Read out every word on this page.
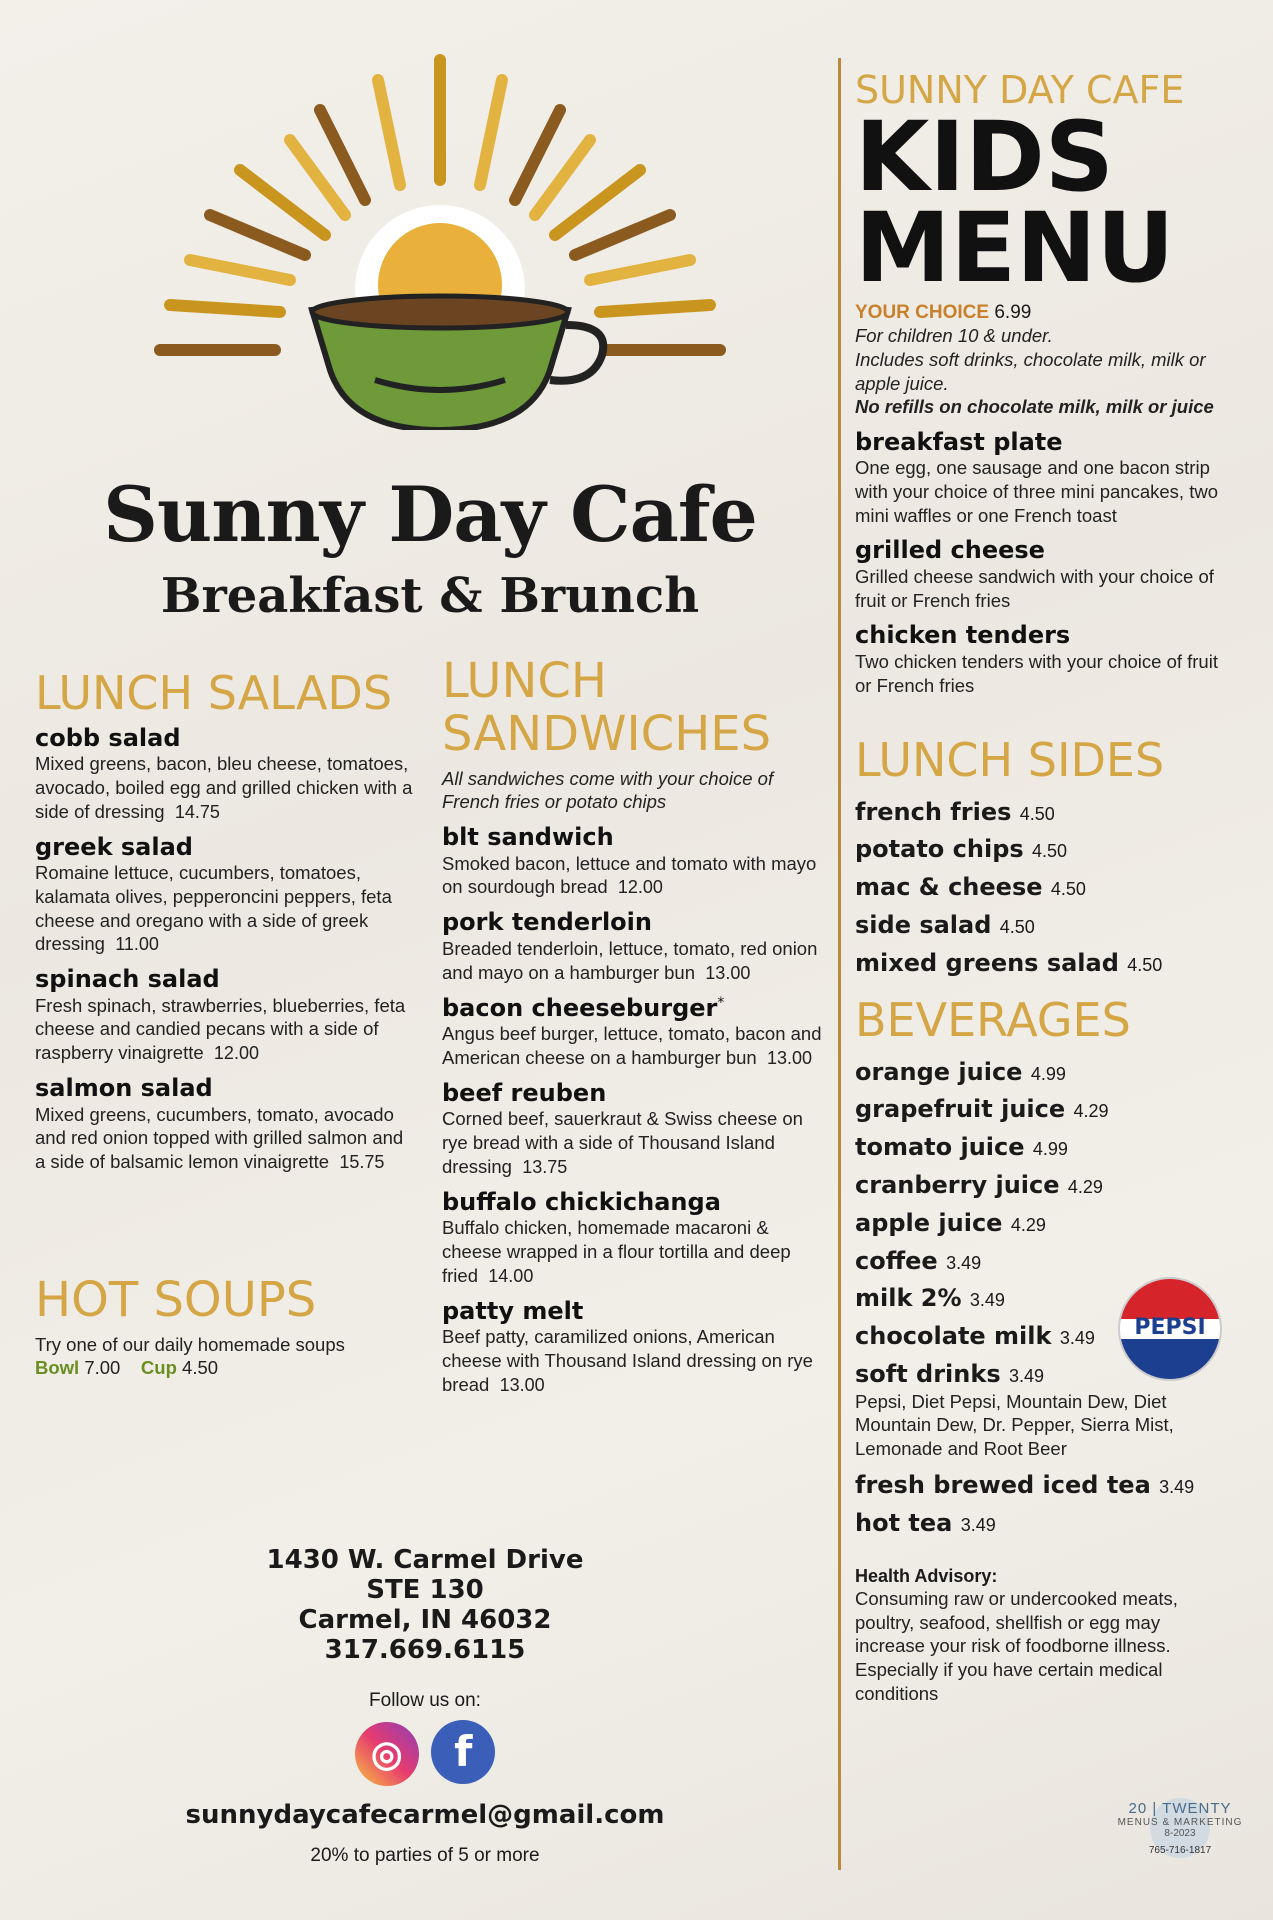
Sunny Day Cafe
Breakfast & Brunch
LUNCH SALADS
cobb salad
Mixed greens, bacon, bleu cheese, tomatoes, avocado, boiled egg and grilled chicken with a side of dressing 14.75
greek salad
Romaine lettuce, cucumbers, tomatoes, kalamata olives, pepperoncini peppers, feta cheese and oregano with a side of greek dressing 11.00
spinach salad
Fresh spinach, strawberries, blueberries, feta cheese and candied pecans with a side of raspberry vinaigrette 12.00
salmon salad
Mixed greens, cucumbers, tomato, avocado and red onion topped with grilled salmon and a side of balsamic lemon vinaigrette 15.75
HOT SOUPS
Try one of our daily homemade soups
Bowl 7.00 Cup 4.50
LUNCH
SANDWICHES
All sandwiches come with your choice of French fries or potato chips
blt sandwich
Smoked bacon, lettuce and tomato with mayo on sourdough bread 12.00
pork tenderloin
Breaded tenderloin, lettuce, tomato, red onion and mayo on a hamburger bun 13.00
bacon cheeseburger*
Angus beef burger, lettuce, tomato, bacon and American cheese on a hamburger bun 13.00
beef reuben
Corned beef, sauerkraut & Swiss cheese on rye bread with a side of Thousand Island dressing 13.75
buffalo chickichanga
Buffalo chicken, homemade macaroni & cheese wrapped in a flour tortilla and deep fried 14.00
patty melt
Beef patty, caramilized onions, American cheese with Thousand Island dressing on rye bread 13.00
1430 W. Carmel Drive
STE 130
Carmel, IN 46032
317.669.6115
Follow us on:
◎ f
sunnydaycafecarmel@gmail.com
20% to parties of 5 or more
SUNNY DAY CAFE
KIDS
MENU
YOUR CHOICE 6.99
For children 10 & under.
Includes soft drinks, chocolate milk, milk or apple juice.
No refills on chocolate milk, milk or juice
breakfast plate
One egg, one sausage and one bacon strip with your choice of three mini pancakes, two mini waffles or one French toast
grilled cheese
Grilled cheese sandwich with your choice of fruit or French fries
chicken tenders
Two chicken tenders with your choice of fruit or French fries
LUNCH SIDES
french fries 4.50
potato chips 4.50
mac & cheese 4.50
side salad 4.50
mixed greens salad 4.50
BEVERAGES
orange juice 4.99
grapefruit juice 4.29
tomato juice 4.99
cranberry juice 4.29
apple juice 4.29
coffee 3.49
milk 2% 3.49
chocolate milk 3.49
soft drinks 3.49
Pepsi, Diet Pepsi, Mountain Dew, Diet Mountain Dew, Dr. Pepper, Sierra Mist, Lemonade and Root Beer
fresh brewed iced tea 3.49
hot tea 3.49
PEPSI
Health Advisory:
Consuming raw or undercooked meats, poultry, seafood, shellfish or egg may increase your risk of foodborne illness. Especially if you have certain medical conditions
20 | TWENTY
MENUS & MARKETING
8-2023
765-716-1817
